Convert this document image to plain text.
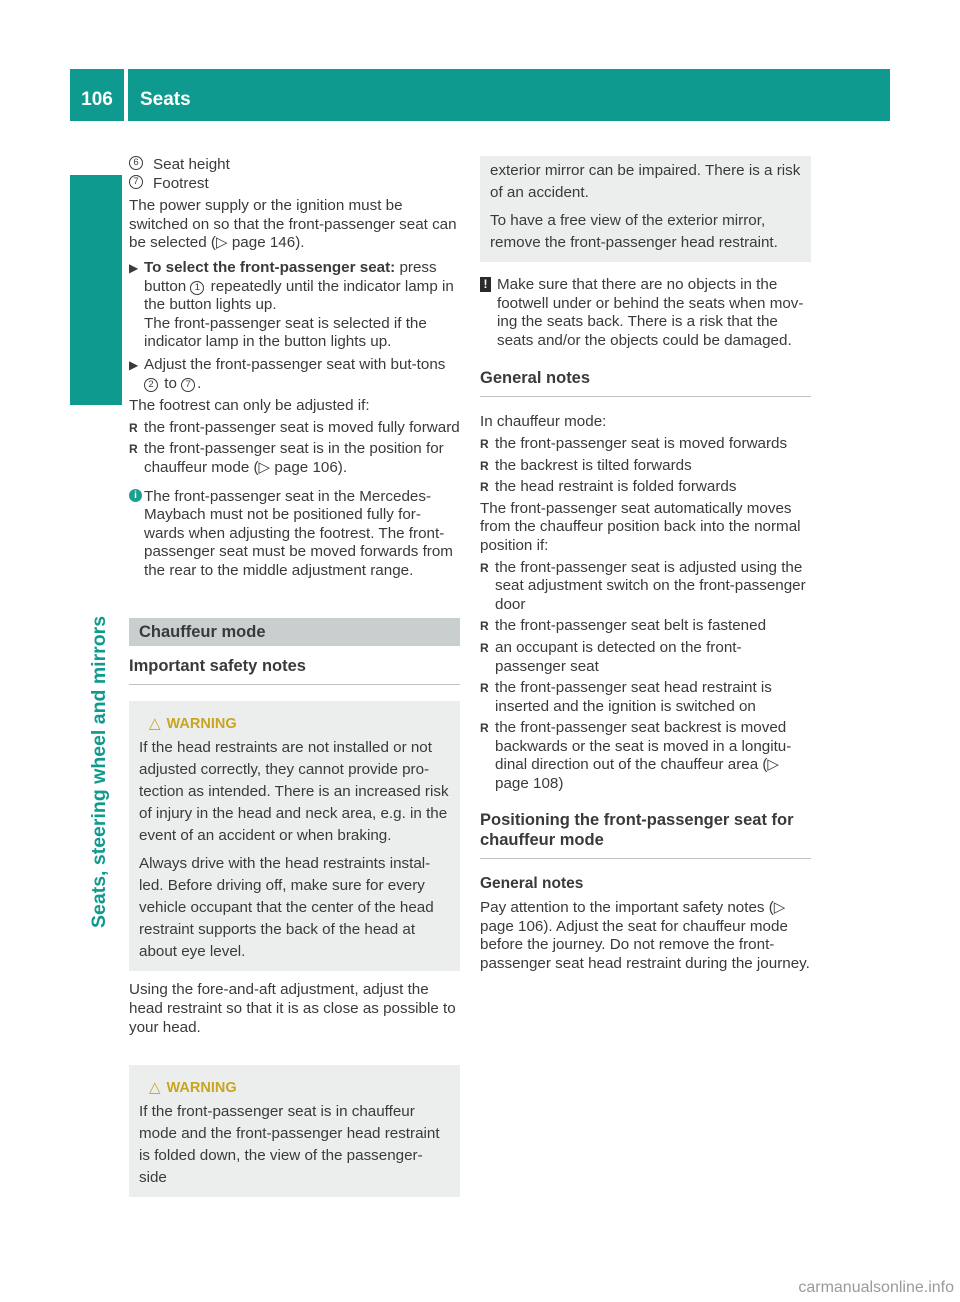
106	Seats
Seats, steering wheel and mirrors
6 Seat height
7 Footrest

The power supply or the ignition must be switched on so that the front-passenger seat can be selected (▷ page 146).

▶ To select the front-passenger seat: press button 1 repeatedly until the indicator lamp in the button lights up.
The front-passenger seat is selected if the indicator lamp in the button lights up.
▶ Adjust the front-passenger seat with but-tons 2 to 7 .

The footrest can only be adjusted if:

R the front-passenger seat is moved fully forward
R the front-passenger seat is in the position for chauffeur mode (▷ page 106).
i The front-passenger seat in the Mercedes-Maybach must not be positioned fully for-wards when adjusting the footrest. The front-passenger seat must be moved forwards from the rear to the middle adjustment range.
Chauffeur mode
Important safety notes
△ WARNING

If the head restraints are not installed or not adjusted correctly, they cannot provide pro-tection as intended. There is an increased risk of injury in the head and neck area, e.g. in the event of an accident or when braking.

Always drive with the head restraints instal-led. Before driving off, make sure for every vehicle occupant that the center of the head restraint supports the back of the head at about eye level.

Using the fore-and-aft adjustment, adjust the head restraint so that it is as close as possible to your head.

△ WARNING

If the front-passenger seat is in chauffeur mode and the front-passenger head restraint is folded down, the view of the passenger-side

exterior mirror can be impaired. There is a risk of an accident.

To have a free view of the exterior mirror, remove the front-passenger head restraint.

! Make sure that there are no objects in the footwell under or behind the seats when mov-ing the seats back. There is a risk that the seats and/or the objects could be damaged.
General notes

In chauffeur mode:

R the front-passenger seat is moved forwards
R the backrest is tilted forwards
R the head restraint is folded forwards

The front-passenger seat automatically moves from the chauffeur position back into the normal position if:

R the front-passenger seat is adjusted using the seat adjustment switch on the front-passenger door
R the front-passenger seat belt is fastened
R an occupant is detected on the front-passenger seat
R the front-passenger seat head restraint is inserted and the ignition is switched on
R the front-passenger seat backrest is moved backwards or the seat is moved in a longitu-dinal direction out of the chauffeur area (▷ page 108)
Positioning the front-passenger seat for chauffeur mode
General notes

Pay attention to the important safety notes (▷ page 106). Adjust the seat for chauffeur mode before the journey. Do not remove the front-passenger seat head restraint during the journey.

carmanualsonline.info
